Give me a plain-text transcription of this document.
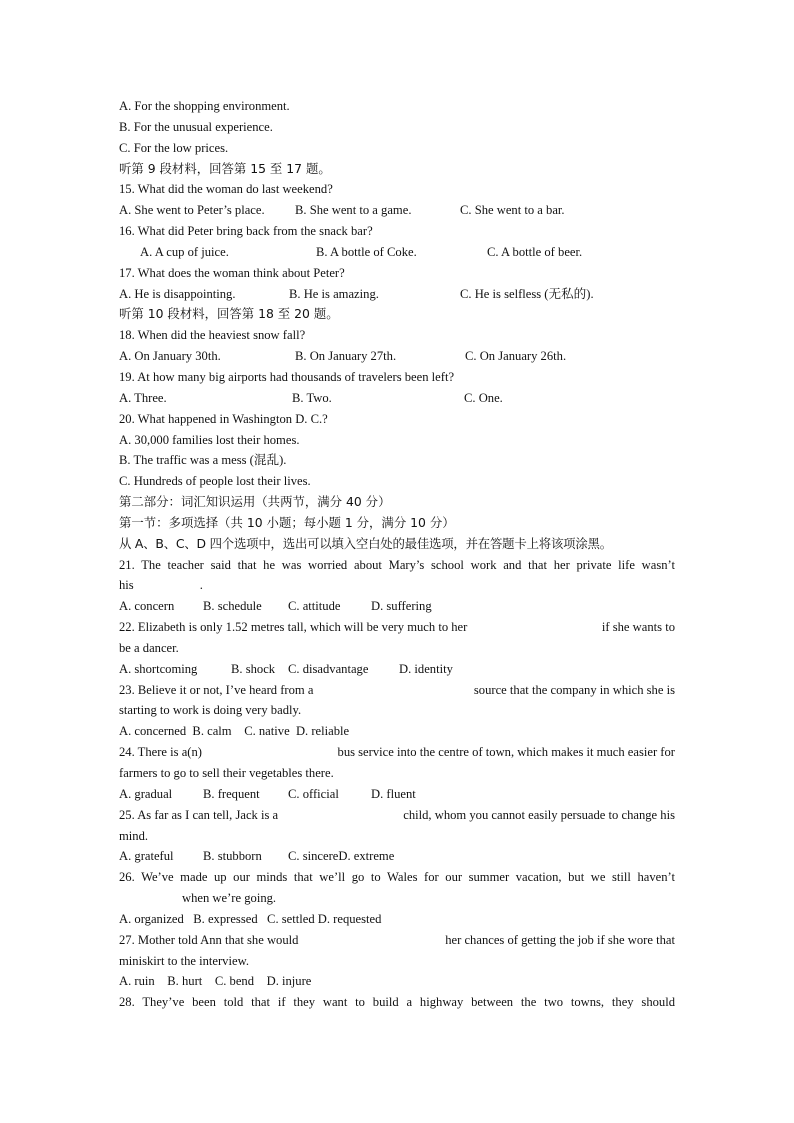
A. For the shopping environment.
B. For the unusual experience.
C. For the low prices.
听第 9 段材料，回答第 15 至 17 题。
15. What did the woman do last weekend?
A. She went to Peter’s place. B. She went to a game.	C. She went to a bar.
16. What did Peter bring back from the snack bar?
A. A cup of juice.	B. A bottle of Coke.	C. A bottle of beer.
17. What does the woman think about Peter?
A. He is disappointing.	B. He is amazing.	C. He is selfless (无私的).
听第 10 段材料，回答第 18 至 20 题。
18. When did the heaviest snow fall?
A. On January 30th.	B. On January 27th.	C. On January 26th.
19. At how many big airports had thousands of travelers been left?
A. Three.	B. Two.	C. One.
20. What happened in Washington D. C.?
A. 30,000 families lost their homes.
B. The traffic was a mess (混乱).
C. Hundreds of people lost their lives.
第二部分：词汇知识运用（共两节，满分 40 分）
第一节：多项选择（共 10 小题；每小题 1 分，满分 10 分）
从 A、B、C、D 四个选项中，选出可以填入空白处的最佳选项，并在答题卡上将该项涂黑。
21. The teacher said that he was worried about Mary’s school work and that her private life wasn’t
his	.
A. concern B. schedule C. attitude D. suffering
22. Elizabeth is only 1.52 metres tall, which will be very much to her	if she wants to
be a dancer.
A. shortcoming	B. shock C. disadvantage D. identity
23. Believe it or not, I’ve heard from a	source that the company in which she is
starting to work is doing very badly.
A. concerned  B. calm    C. native  D. reliable
24. There is a(n)	bus service into the centre of town, which makes it much easier for
farmers to go to sell their vegetables there.
A. gradual B. frequent C. official	D. fluent
25. As far as I can tell, Jack is a	child, whom you cannot easily persuade to change his
mind.
A. grateful B. stubborn C. sincereD. extreme
26. We’ve made up our minds that we’ll go to Wales for our summer vacation, but we still haven’t
when we’re going.
A. organized   B. expressed   C. settled D. requested
27. Mother told Ann that she would	her chances of getting the job if she wore that
miniskirt to the interview.
A. ruin    B. hurt    C. bend    D. injure
28. They’ve been told that if they want to build a highway between the two towns, they should
